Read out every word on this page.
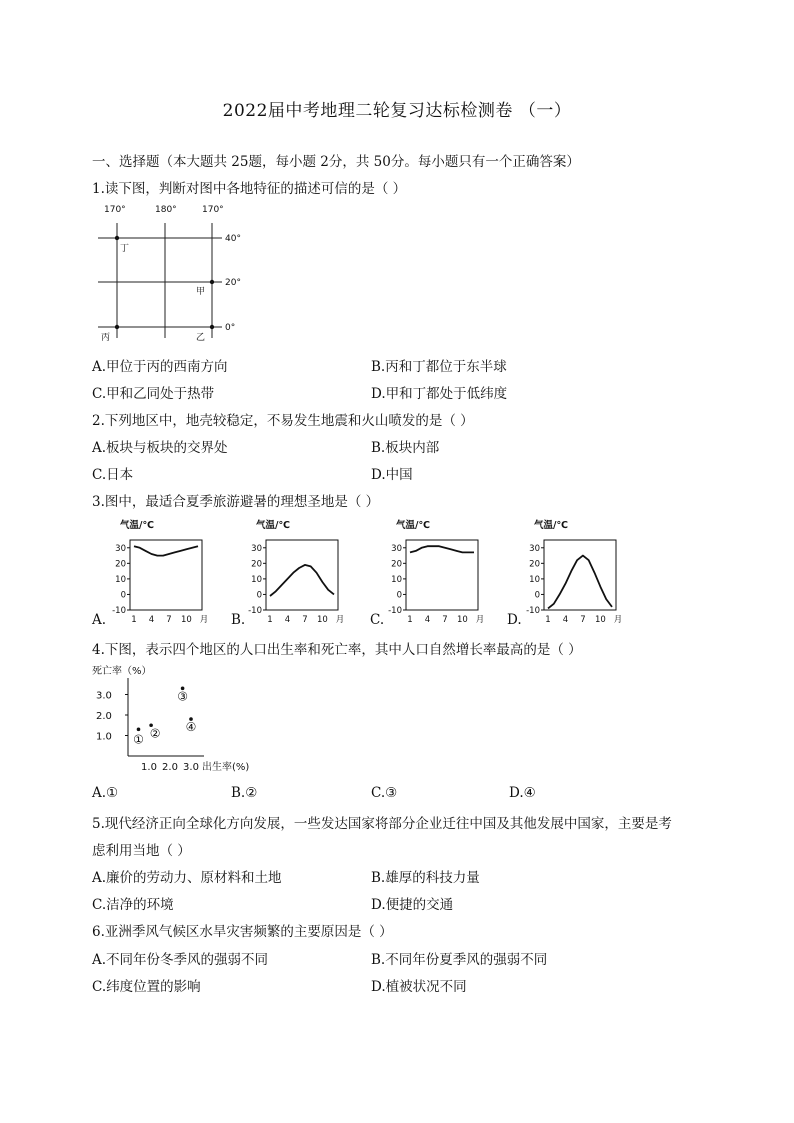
2022届中考地理二轮复习达标检测卷 （一）
一、选择题（本大题共 25题，每小题 2分，共 50分。每小题只有一个正确答案）
1.读下图，判断对图中各地特征的描述可信的是（ ）
170°	180°	170°
40°
20°
0°
丁
甲
丙	乙
A.甲位于丙的西南方向	B.丙和丁都位于东半球
C.甲和乙同处于热带	D.甲和丁都处于低纬度
2.下列地区中，地壳较稳定，不易发生地震和火山喷发的是（ ）
A.板块与板块的交界处	B.板块内部
C.日本	D.中国
3.图中，最适合夏季旅游避暑的理想圣地是（ ）
A.	B.	C.	D.
气温/℃
30
20
10
0
-10
1 4 7 10 月
气温/℃
30
20
10
0
-10
1 4 7 10 月
气温/℃
30
20
10
0
-10
1 4 7 10 月
气温/℃
30
20
10
0
-10
1 4 7 10 月
4.下图，表示四个地区的人口出生率和死亡率，其中人口自然增长率最高的是（ ）
死亡率（%）
3.0
2.0
1.0
1.0 2.0 3.0 出生率(%)
① ②
③
④
A.①	B.②	C.③	D.④
5.现代经济正向全球化方向发展，一些发达国家将部分企业迁往中国及其他发展中国家，主要是考
虑利用当地（ ）
A.廉价的劳动力、原材料和土地	B.雄厚的科技力量
C.洁净的环境	D.便捷的交通
6.亚洲季风气候区水旱灾害频繁的主要原因是（ ）
A.不同年份冬季风的强弱不同	B.不同年份夏季风的强弱不同
C.纬度位置的影响	D.植被状况不同
